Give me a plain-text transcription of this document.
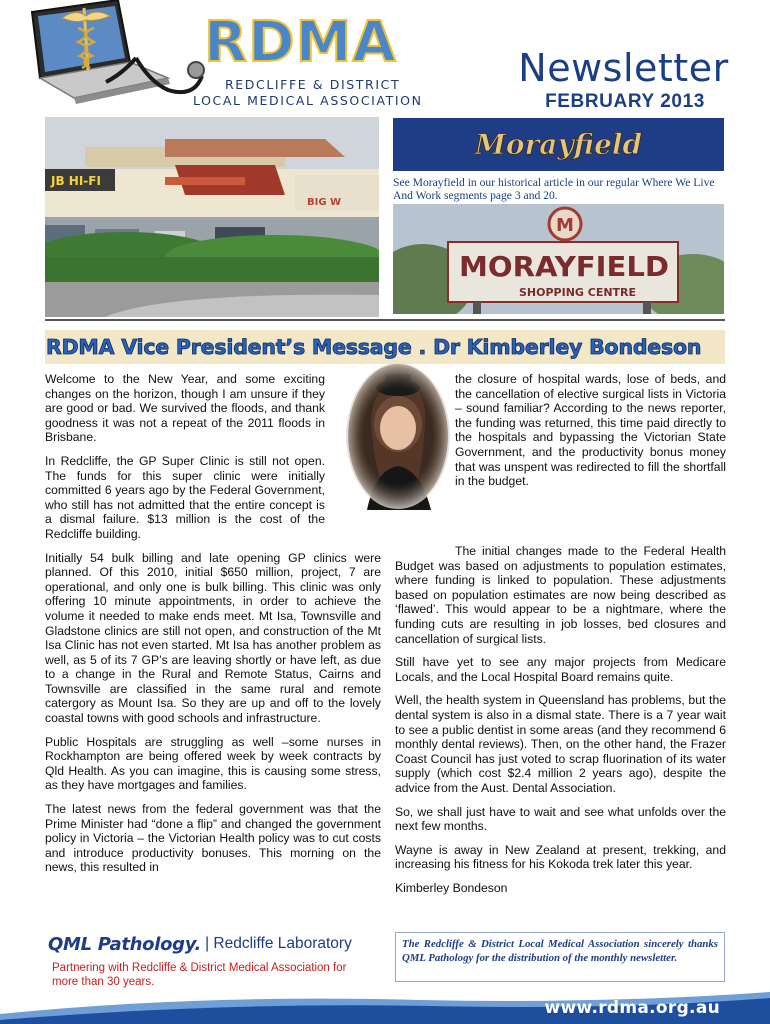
RDMA
REDCLIFFE & DISTRICT
LOCAL MEDICAL ASSOCIATION
Newsletter
FEBRUARY 2013
JB HI-FI
BIG W
Morayfield
See Morayfield in our historical article in our regular Where We Live And Work segments page 3 and 20.
M
MORAYFIELD
SHOPPING CENTRE
RDMA Vice President’s Message . Dr Kimberley Bondeson

Welcome to the New Year, and some exciting changes on the horizon, though I am unsure if they are good or bad. We survived the floods, and thank goodness it was not a repeat of the 2011 floods in Brisbane.

In Redcliffe, the GP Super Clinic is still not open. The funds for this super clinic were initially committed 6 years ago by the Federal Government, who still has not admitted that the entire concept is a dismal failure. $13 million is the cost of the Redcliffe building.

Initially 54 bulk billing and late opening GP clinics were planned. Of this 2010, initial $650 million, project, 7 are operational, and only one is bulk billing. This clinic was only offering 10 minute appointments, in order to achieve the volume it needed to make ends meet. Mt Isa, Townsville and Gladstone clinics are still not open, and construction of the Mt Isa Clinic has not even started. Mt Isa has another problem as well, as 5 of its 7 GP’s are leaving shortly or have left, as due to a change in the Rural and Remote Status, Cairns and Townsville are classified in the same rural and remote catergory as Mount Isa. So they are up and off to the lovely coastal towns with good schools and infrastructure.

Public Hospitals are struggling as well –some nurses in Rockhampton are being offered week by week contracts by Qld Health. As you can imagine, this is causing some stress, as they have mortgages and families.

The latest news from the federal government was that the Prime Minister had “done a flip” and changed the government policy in Victoria – the Victorian Health policy was to cut costs and introduce productivity bonuses. This morning on the news, this resulted in

the closure of hospital wards, lose of beds, and the cancellation of elective surgical lists in Victoria – sound familiar? According to the news reporter, the funding was returned, this time paid directly to the hospitals and bypassing the Victorian State Government, and the productivity bonus money that was unspent was redirected to fill the shortfall in the budget.

The initial changes made to the Federal Health Budget was based on adjustments to population estimates, where funding is linked to population. These adjustments based on population estimates are now being described as ‘flawed’. This would appear to be a nightmare, where the funding cuts are resulting in job losses, bed closures and cancellation of surgical lists.

Still have yet to see any major projects from Medicare Locals, and the Local Hospital Board remains quite.

Well, the health system in Queensland has problems, but the dental system is also in a dismal state. There is a 7 year wait to see a public dentist in some areas (and they recommend 6 monthly dental reviews). Then, on the other hand, the Frazer Coast Council has just voted to scrap fluorination of its water supply (which cost $2.4 million 2 years ago), despite the advice from the Aust. Dental Association.

So, we shall just have to wait and see what unfolds over the next few months.

Wayne is away in New Zealand at present, trekking, and increasing his fitness for his Kokoda trek later this year.

Kimberley Bondeson

QML Pathology. | Redcliffe Laboratory
Partnering with Redcliffe & District Medical Association for more than 30 years.
The Redcliffe & District Local Medical Association sincerely thanks QML Pathology for the distribution of the monthly newsletter.
www.rdma.org.au
